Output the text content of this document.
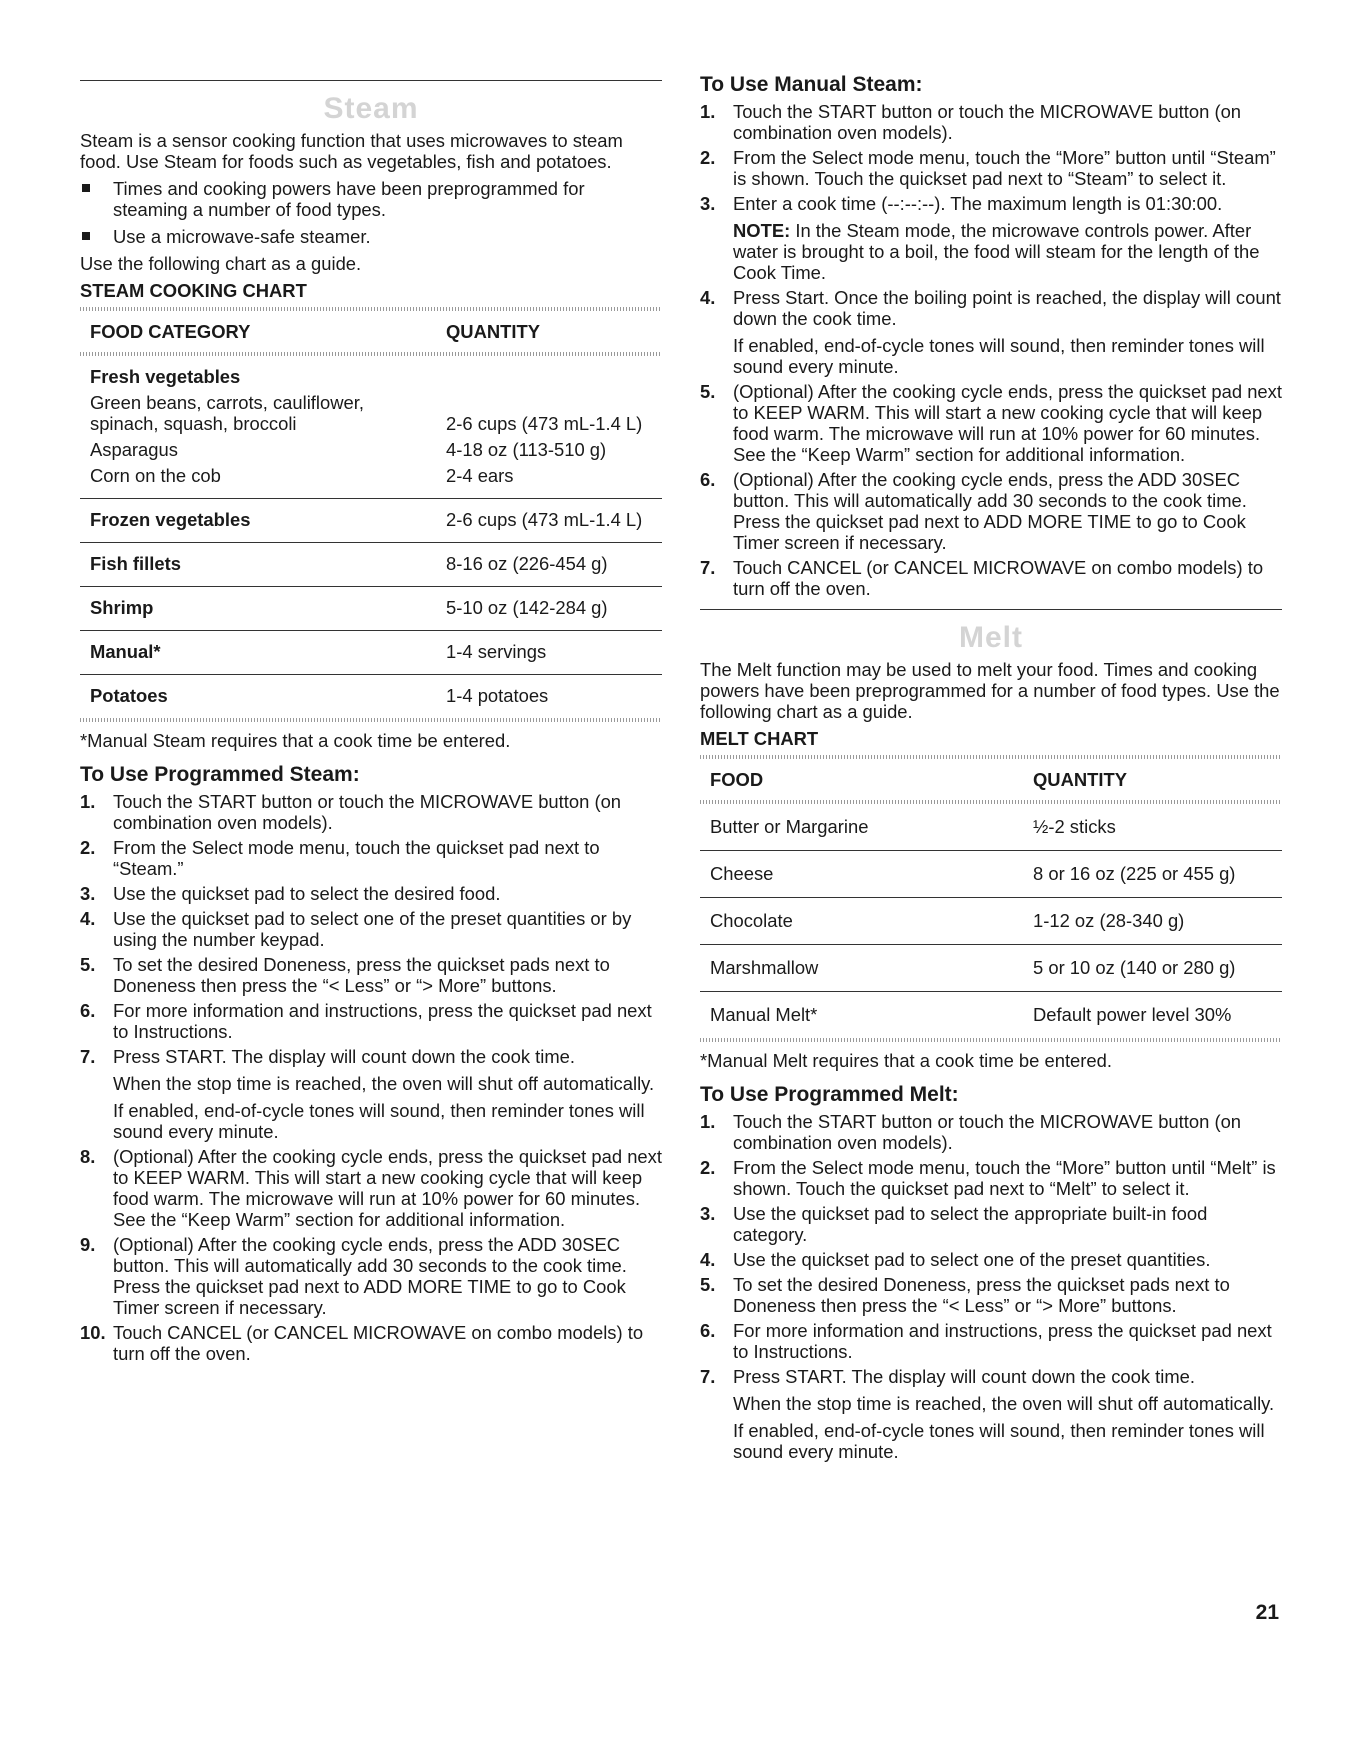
Steam

Steam is a sensor cooking function that uses microwaves to steam food. Use Steam for foods such as vegetables, fish and potatoes.

Times and cooking powers have been preprogrammed for steaming a number of food types.
Use a microwave-safe steamer.

Use the following chart as a guide.

STEAM COOKING CHART
FOOD CATEGORY	QUANTITY
Fresh vegetables	

Green beans, carrots, cauliflower,
spinach, squash, broccoli	2-6 cups (473 mL-1.4 L)
Asparagus	4-18 oz (113-510 g)
Corn on the cob	2-4 ears
Frozen vegetables	2-6 cups (473 mL-1.4 L)
Fish fillets	8-16 oz (226-454 g)
Shrimp	5-10 oz (142-284 g)
Manual*	1-4 servings
Potatoes	1-4 potatoes

*Manual Steam requires that a cook time be entered.

To Use Programmed Steam:
1. Touch the START button or touch the MICROWAVE button (on combination oven models).
2. From the Select mode menu, touch the quickset pad next to “Steam.”
3. Use the quickset pad to select the desired food.
4. Use the quickset pad to select one of the preset quantities or by using the number keypad.
5. To set the desired Doneness, press the quickset pads next to Doneness then press the “< Less” or “> More” buttons.
6. For more information and instructions, press the quickset pad next to Instructions.
7. Press START. The display will count down the cook time.
When the stop time is reached, the oven will shut off automatically.
If enabled, end-of-cycle tones will sound, then reminder tones will sound every minute.
8. (Optional) After the cooking cycle ends, press the quickset pad next to KEEP WARM. This will start a new cooking cycle that will keep food warm. The microwave will run at 10% power for 60 minutes. See the “Keep Warm” section for additional information.
9. (Optional) After the cooking cycle ends, press the ADD 30SEC button. This will automatically add 30 seconds to the cook time. Press the quickset pad next to ADD MORE TIME to go to Cook Timer screen if necessary.
10. Touch CANCEL (or CANCEL MICROWAVE on combo models) to turn off the oven.
To Use Manual Steam:
1. Touch the START button or touch the MICROWAVE button (on combination oven models).
2. From the Select mode menu, touch the “More” button until “Steam” is shown. Touch the quickset pad next to “Steam” to select it.
3. Enter a cook time (--:--:--). The maximum length is 01:30:00.
NOTE: In the Steam mode, the microwave controls power. After water is brought to a boil, the food will steam for the length of the Cook Time.
4. Press Start. Once the boiling point is reached, the display will count down the cook time.
If enabled, end-of-cycle tones will sound, then reminder tones will sound every minute.
5. (Optional) After the cooking cycle ends, press the quickset pad next to KEEP WARM. This will start a new cooking cycle that will keep food warm. The microwave will run at 10% power for 60 minutes. See the “Keep Warm” section for additional information.
6. (Optional) After the cooking cycle ends, press the ADD 30SEC button. This will automatically add 30 seconds to the cook time. Press the quickset pad next to ADD MORE TIME to go to Cook Timer screen if necessary.
7. Touch CANCEL (or CANCEL MICROWAVE on combo models) to turn off the oven.
Melt

The Melt function may be used to melt your food. Times and cooking powers have been preprogrammed for a number of food types. Use the following chart as a guide.

MELT CHART
FOOD	QUANTITY
Butter or Margarine	½-2 sticks
Cheese	8 or 16 oz (225 or 455 g)
Chocolate	1-12 oz (28-340 g)
Marshmallow	5 or 10 oz (140 or 280 g)
Manual Melt*	Default power level 30%

*Manual Melt requires that a cook time be entered.

To Use Programmed Melt:
1. Touch the START button or touch the MICROWAVE button (on combination oven models).
2. From the Select mode menu, touch the “More” button until “Melt” is shown. Touch the quickset pad next to “Melt” to select it.
3. Use the quickset pad to select the appropriate built-in food category.
4. Use the quickset pad to select one of the preset quantities.
5. To set the desired Doneness, press the quickset pads next to Doneness then press the “< Less” or “> More” buttons.
6. For more information and instructions, press the quickset pad next to Instructions.
7. Press START. The display will count down the cook time.
When the stop time is reached, the oven will shut off automatically.
If enabled, end-of-cycle tones will sound, then reminder tones will sound every minute.
21
